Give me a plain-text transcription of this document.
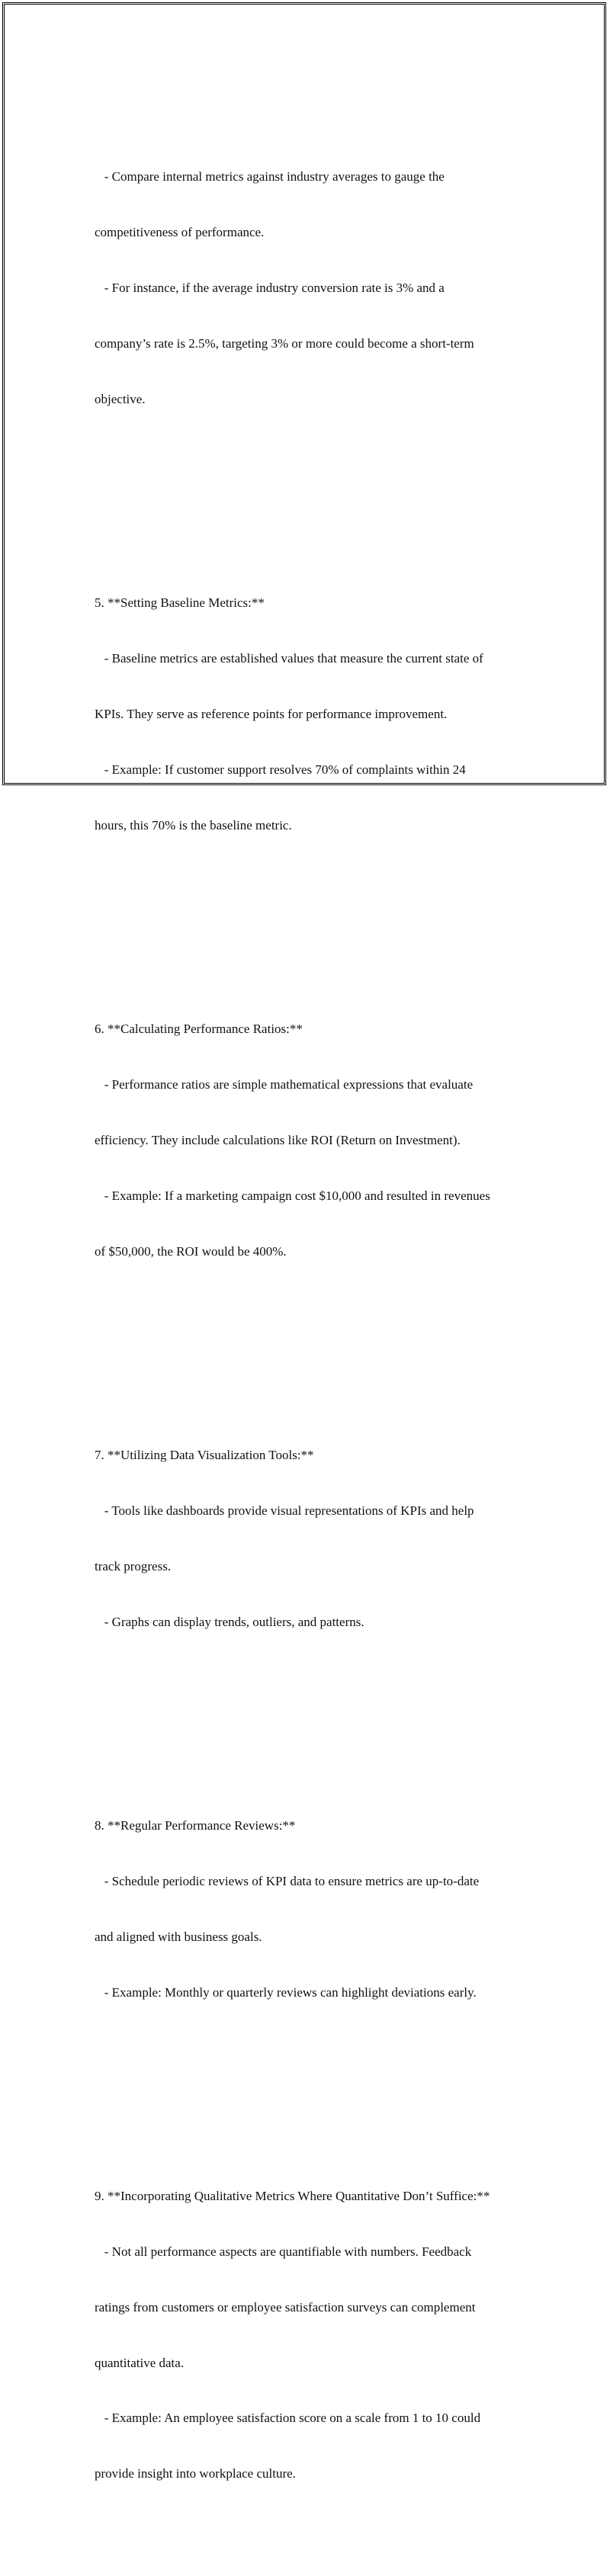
- Compare internal metrics against industry averages to gauge the

competitiveness of performance.

- For instance, if the average industry conversion rate is 3% and a

company’s rate is 2.5%, targeting 3% or more could become a short-term

objective.

5. **Setting Baseline Metrics:**

- Baseline metrics are established values that measure the current state of

KPIs. They serve as reference points for performance improvement.

- Example: If customer support resolves 70% of complaints within 24

hours, this 70% is the baseline metric.

6. **Calculating Performance Ratios:**

- Performance ratios are simple mathematical expressions that evaluate

efficiency. They include calculations like ROI (Return on Investment).

- Example: If a marketing campaign cost $10,000 and resulted in revenues

of $50,000, the ROI would be 400%.

7. **Utilizing Data Visualization Tools:**

- Tools like dashboards provide visual representations of KPIs and help

track progress.

- Graphs can display trends, outliers, and patterns.

8. **Regular Performance Reviews:**

- Schedule periodic reviews of KPI data to ensure metrics are up-to-date

and aligned with business goals.

- Example: Monthly or quarterly reviews can highlight deviations early.

9. **Incorporating Qualitative Metrics Where Quantitative Don’t Suffice:**

- Not all performance aspects are quantifiable with numbers. Feedback

ratings from customers or employee satisfaction surveys can complement

quantitative data.

- Example: An employee satisfaction score on a scale from 1 to 10 could

provide insight into workplace culture.
